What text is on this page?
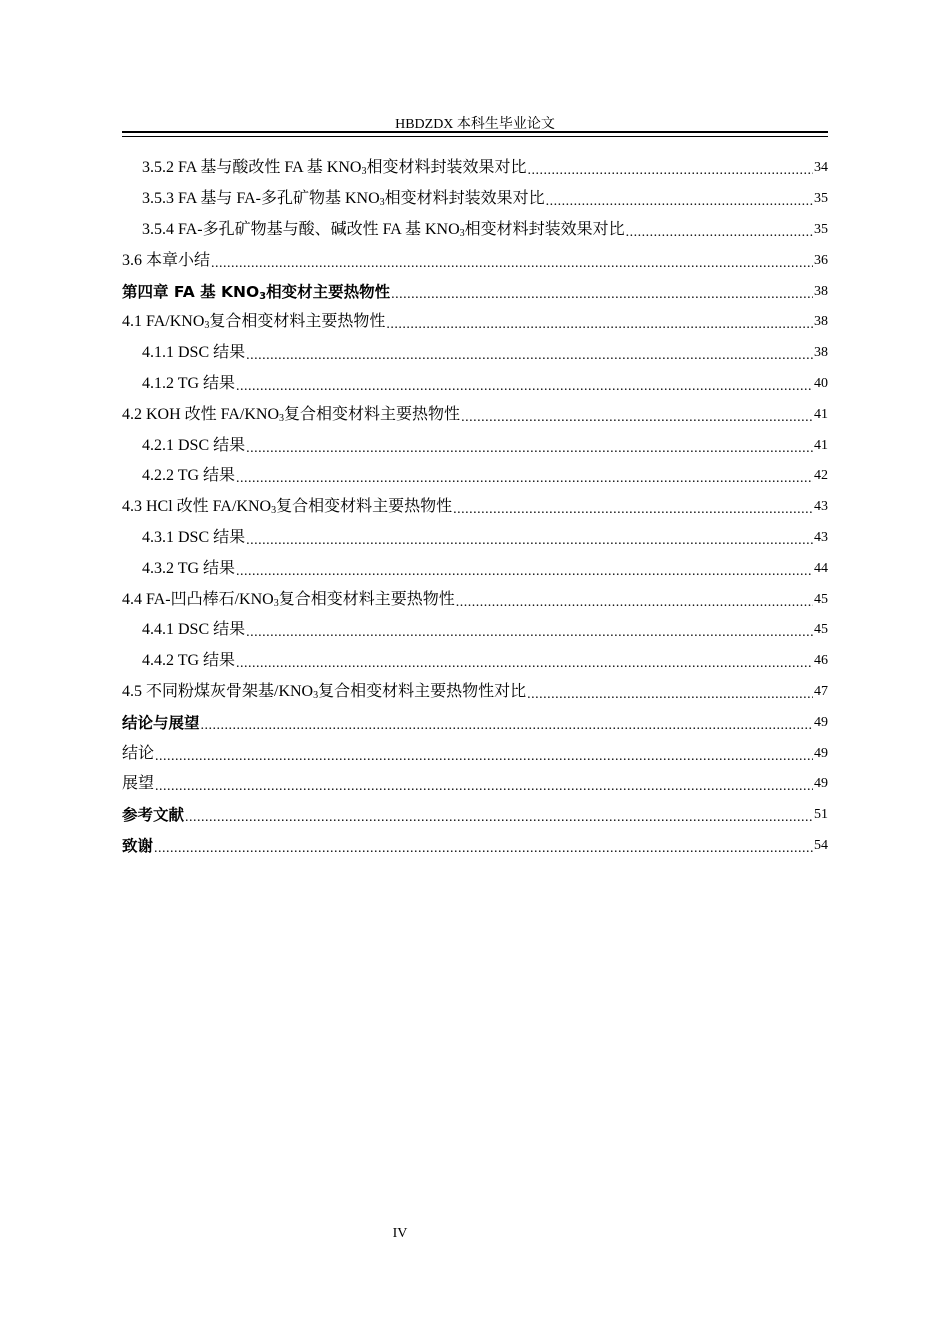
HBDZDX 本科生毕业论文
3.5.2 FA 基与酸改性 FA 基 $KNO_3$相变材料封装效果对比 .....	34
3.5.3 FA 基与 FA-多孔矿物基 $KNO_3$相变材料封装效果对比 .....	35
3.5.4 FA-多孔矿物基与酸、碱改性 FA 基 $KNO_3$相变材料封装效果对比 .....	35
3.6 本章小结 .....	36
第四章 FA 基 $KNO_3$相变材主要热物性 .....	38
4.1 $FA/KNO_3$复合相变材料主要热物性 .....	38
4.1.1 DSC 结果 .....	38
4.1.2 TG 结果 .....	40
4.2 KOH 改性 $FA/KNO_3$复合相变材料主要热物性 .....	41
4.2.1 DSC 结果 .....	41
4.2.2 TG 结果 .....	42
4.3 HCl 改性 $FA/KNO_3$复合相变材料主要热物性 .....	43
4.3.1 DSC 结果 .....	43
4.3.2 TG 结果 .....	44
4.4 FA-凹凸棒石$/KNO_3$复合相变材料主要热物性 .....	45
4.4.1 DSC 结果 .....	45
4.4.2 TG 结果 .....	46
4.5 不同粉煤灰骨架基$/KNO_3$复合相变材料主要热物性对比 .....	47
结论与展望 .....	49
结论 .....	49
展望 .....	49
参考文献 .....	51
致谢 .....	54
IV
